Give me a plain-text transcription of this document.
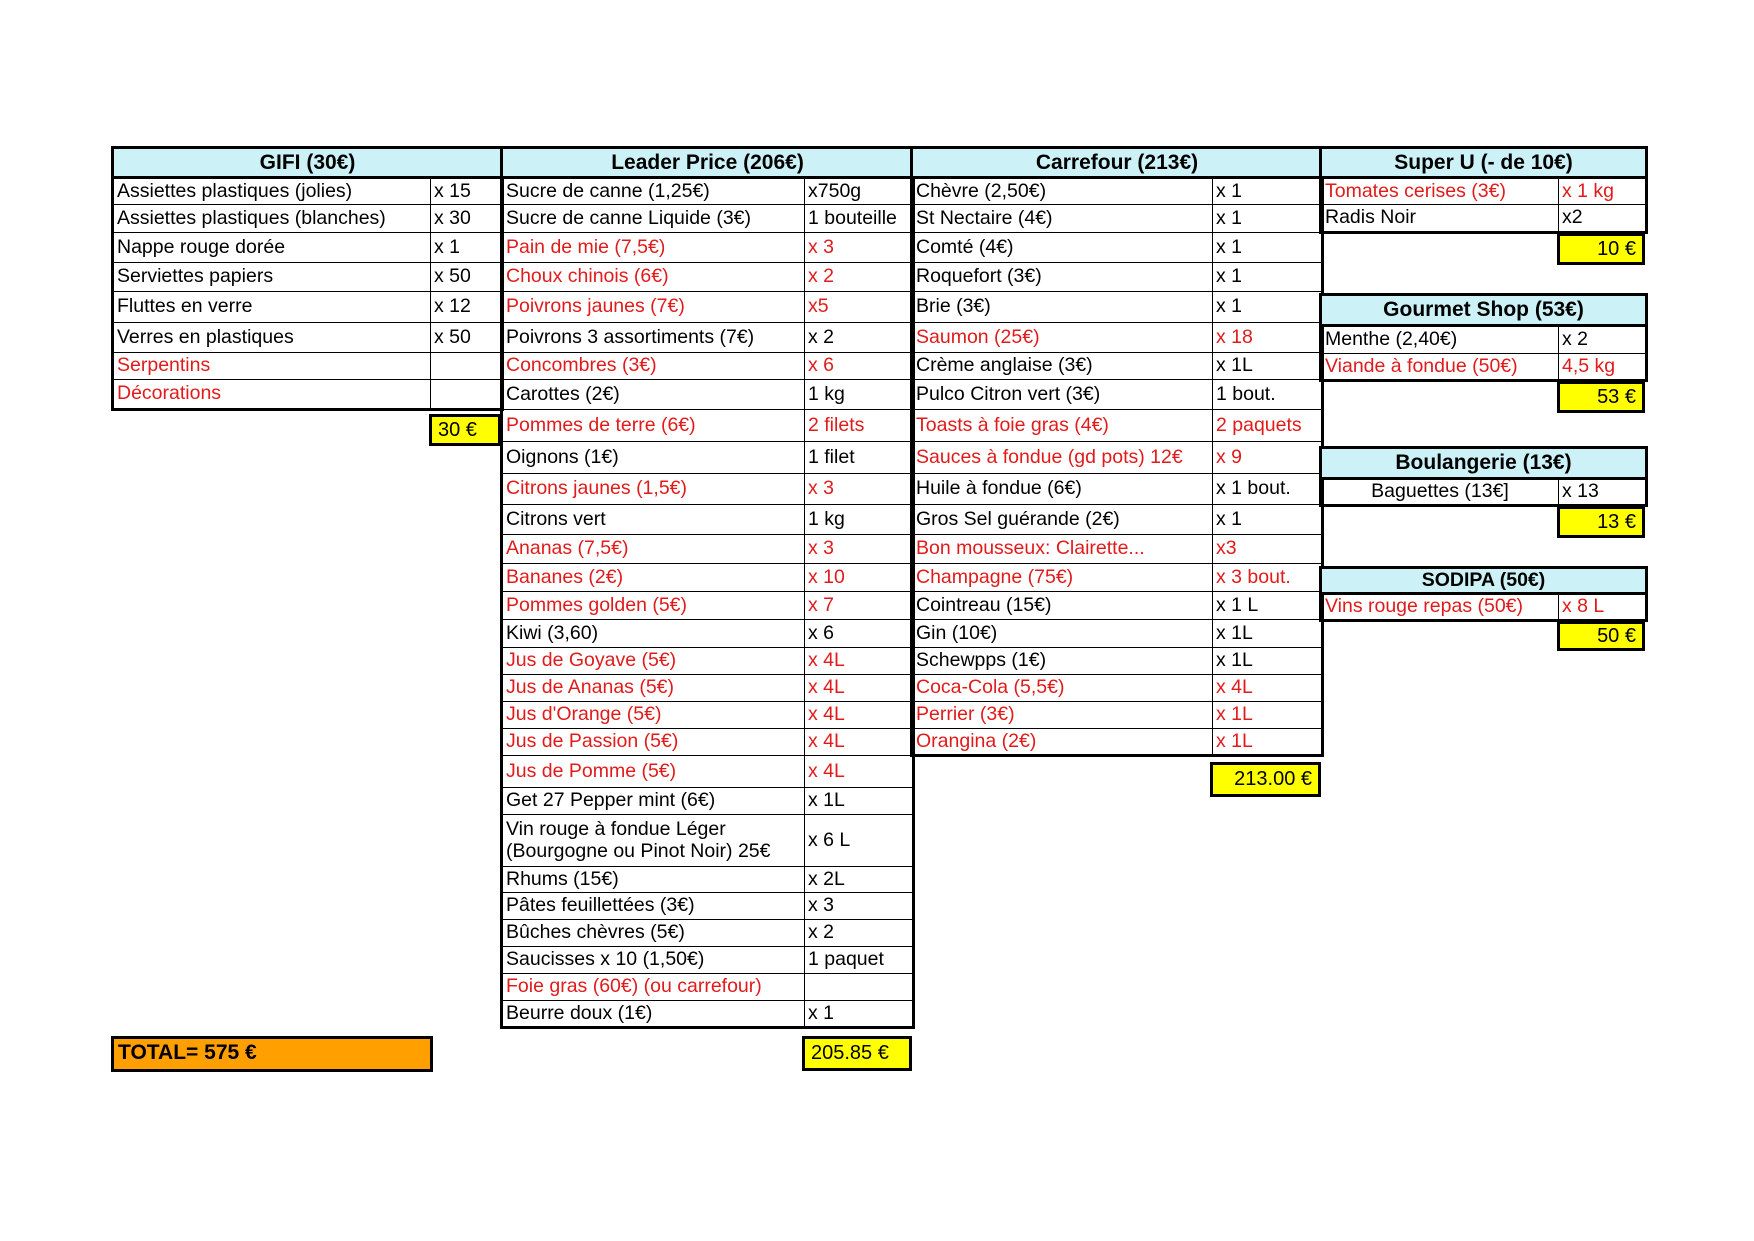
GIFI (30€)	
Assiettes plastiques (jolies)	x 15
Assiettes plastiques (blanches)	x 30
Nappe rouge dorée	x 1
Serviettes papiers	x 50
Fluttes en verre	x 12
Verres en plastiques	x 50
Serpentins	
Décorations	
30 €
Leader Price (206€)	
Sucre de canne (1,25€)	x750g
Sucre de canne Liquide (3€)	1 bouteille
Pain de mie (7,5€)	x 3
Choux chinois (6€)	x 2
Poivrons jaunes (7€)	x5
Poivrons 3 assortiments (7€)	x 2
Concombres (3€)	x 6
Carottes (2€)	1 kg
Pommes de terre (6€)	2 filets
Oignons (1€)	1 filet
Citrons jaunes (1,5€)	x 3
Citrons vert	1 kg
Ananas (7,5€)	x 3
Bananes (2€)	x 10
Pommes golden (5€)	x 7
Kiwi (3,60)	x 6
Jus de Goyave (5€)	x 4L
Jus de Ananas (5€)	x 4L
Jus d'Orange (5€)	x 4L
Jus de Passion (5€)	x 4L
Jus de Pomme (5€)	x 4L
Get 27 Pepper mint (6€)	x 1L
Vin rouge à fondue Léger (Bourgogne ou Pinot Noir) 25€	x 6 L
Rhums (15€)	x 2L
Pâtes feuillettées (3€)	x 3
Bûches chèvres (5€)	x 2
Saucisses x 10 (1,50€)	1 paquet
Foie gras (60€) (ou carrefour)	
Beurre doux (1€)	x 1
205.85 €
Carrefour (213€)	
Chèvre (2,50€)	x 1
St Nectaire (4€)	x 1
Comté (4€)	x 1
Roquefort (3€)	x 1
Brie (3€)	x 1
Saumon (25€)	x 18
Crème anglaise (3€)	x 1L
Pulco Citron vert (3€)	1 bout.
Toasts à foie gras (4€)	2 paquets
Sauces à fondue (gd pots) 12€	x 9
Huile à fondue (6€)	x 1 bout.
Gros Sel guérande (2€)	x 1
Bon mousseux: Clairette...	x3
Champagne (75€)	x 3 bout.
Cointreau (15€)	x 1 L
Gin (10€)	x 1L
Schewpps (1€)	x 1L
Coca-Cola (5,5€)	x 4L
Perrier (3€)	x 1L
Orangina (2€)	x 1L
213.00 €
Super U (- de 10€)	
Tomates cerises (3€)	x 1 kg
Radis Noir	x2
10 €
Gourmet Shop (53€)	
Menthe (2,40€)	x 2
Viande à fondue (50€)	4,5 kg
53 €
Boulangerie (13€)
Baguettes (13€]	x 13
13 €
SODIPA (50€)
Vins rouge repas (50€)	x 8 L
50 €
TOTAL= 575 €
